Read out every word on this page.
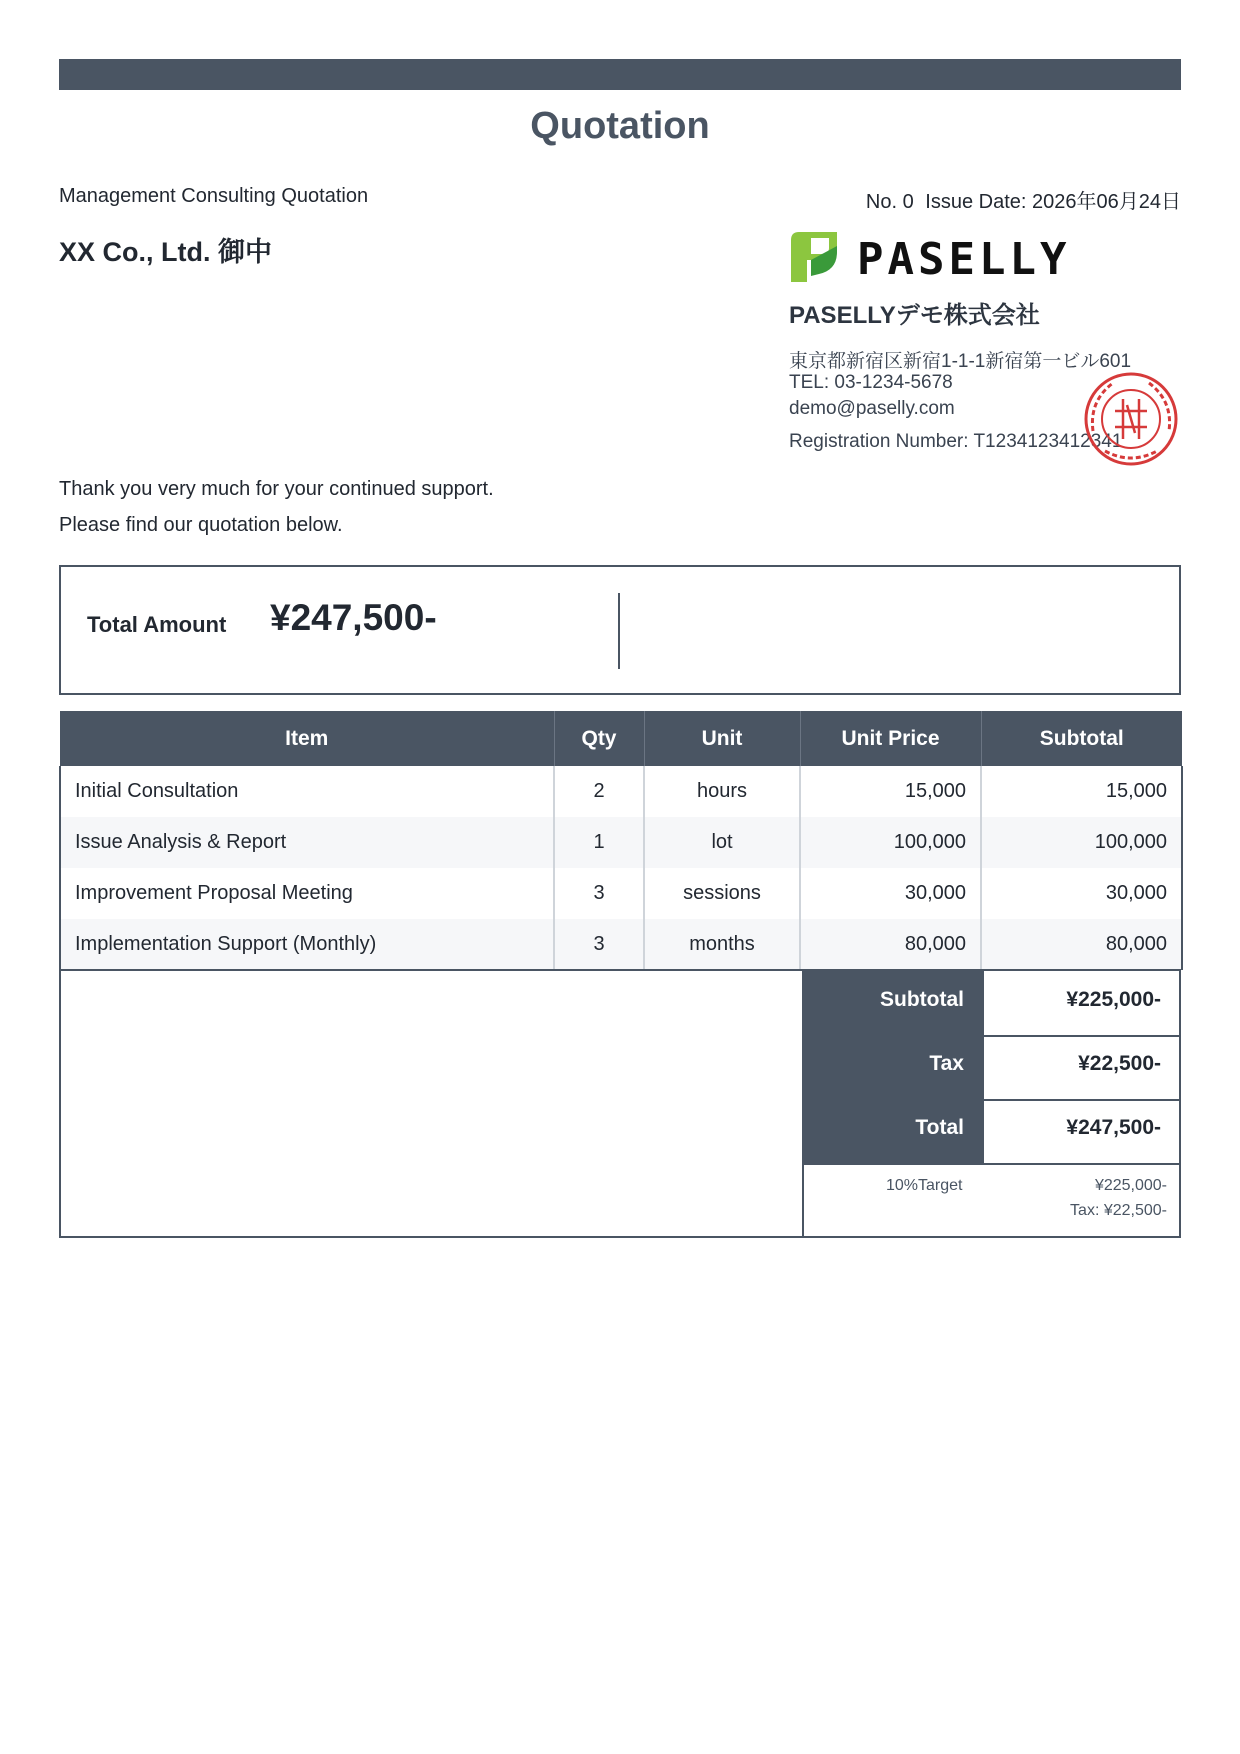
Quotation
Management Consulting Quotation	No. 0 Issue Date: 2026年06月24日
XX Co., Ltd. 御中	PASELLY
PASELLYデモ株式会社
東京都新宿区新宿1-1-1新宿第一ビル601
TEL: 03-1234-5678
demo@paselly.com
Registration Number: T1234123412341
Thank you very much for your continued support.
Please find our quotation below.
Total Amount ¥247,500-
Item	Qty	Unit	Unit Price	Subtotal
Initial Consultation	2	hours	15,000	15,000
Issue Analysis & Report	1	lot	100,000	100,000
Improvement Proposal Meeting	3	sessions	30,000	30,000
Implementation Support (Monthly)	3	months	80,000	80,000
Subtotal	¥225,000-
Tax	¥22,500-
Total	¥247,500-
10%Target	¥225,000-
Tax: ¥22,500-
